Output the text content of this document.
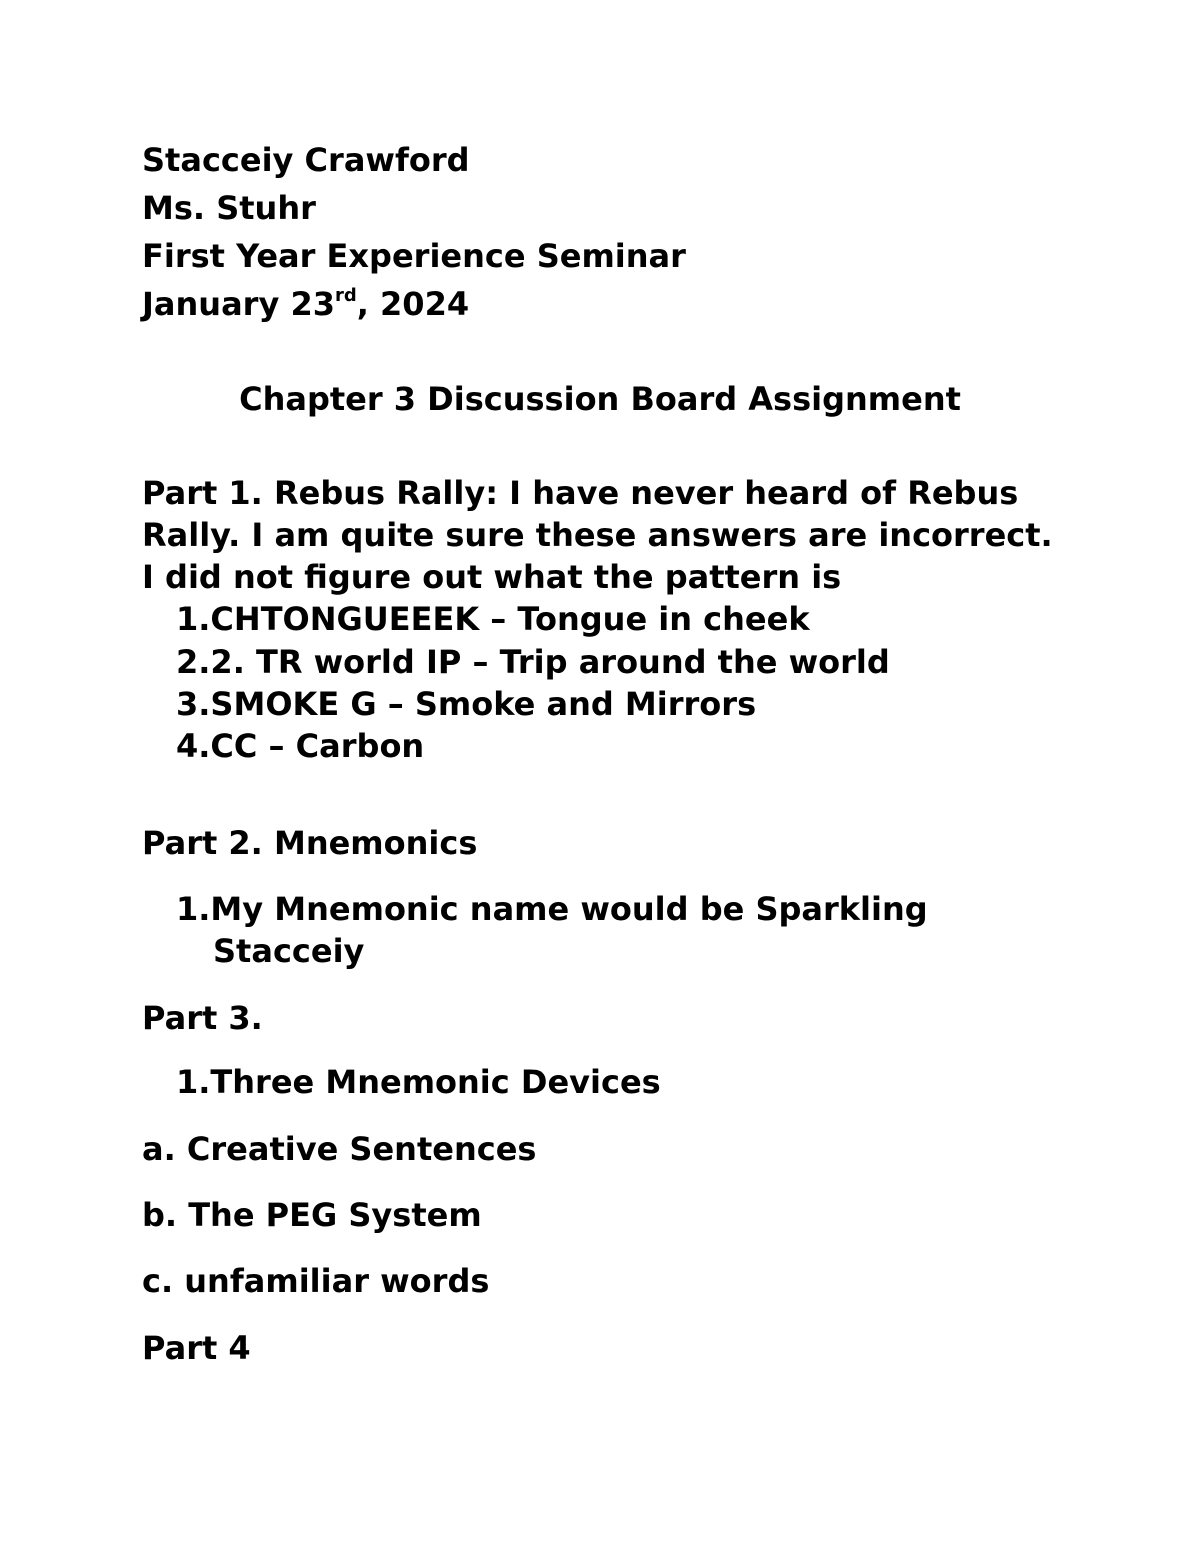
Stacceiy Crawford
Ms. Stuhr
First Year Experience Seminar
January 23rd, 2024
Chapter 3 Discussion Board Assignment
Part 1. Rebus Rally: I have never heard of Rebus
Rally. I am quite sure these answers are incorrect.
I did not figure out what the pattern is
1.CHTONGUEEEK – Tongue in cheek
2.2. TR world IP – Trip around the world
3.SMOKE G – Smoke and Mirrors
4.CC – Carbon
Part 2. Mnemonics
1.My Mnemonic name would be Sparkling
Stacceiy
Part 3.
1.Three Mnemonic Devices
a. Creative Sentences
b. The PEG System
c. unfamiliar words
Part 4
